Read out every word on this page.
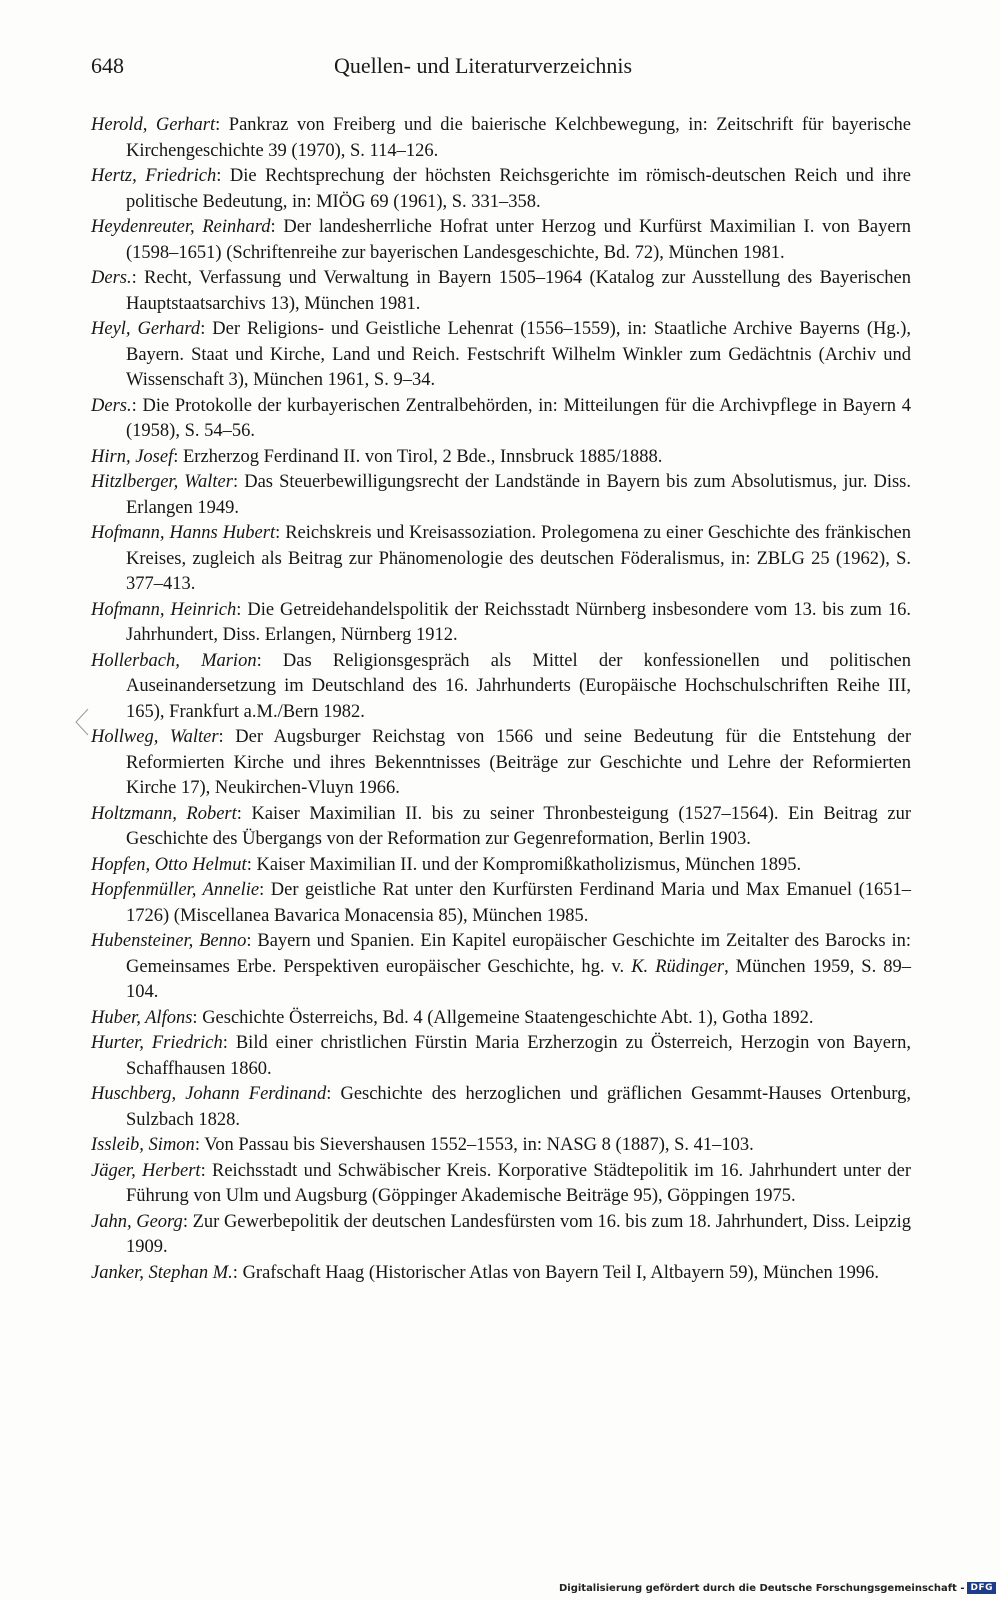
648	Quellen- und Literaturverzeichnis

Herold, Gerhart: Pankraz von Freiberg und die baierische Kelchbewegung, in: Zeitschrift für bayerische Kirchengeschichte 39 (1970), S. 114–126.

Hertz, Friedrich: Die Rechtsprechung der höchsten Reichsgerichte im römisch-deutschen Reich und ihre politische Bedeutung, in: MIÖG 69 (1961), S. 331–358.

Heydenreuter, Reinhard: Der landesherrliche Hofrat unter Herzog und Kurfürst Maximilian I. von Bayern (1598–1651) (Schriftenreihe zur bayerischen Landesgeschichte, Bd. 72), München 1981.

Ders.: Recht, Verfassung und Verwaltung in Bayern 1505–1964 (Katalog zur Ausstellung des Bayerischen Hauptstaatsarchivs 13), München 1981.

Heyl, Gerhard: Der Religions- und Geistliche Lehenrat (1556–1559), in: Staatliche Archive Bayerns (Hg.), Bayern. Staat und Kirche, Land und Reich. Festschrift Wilhelm Winkler zum Gedächtnis (Archiv und Wissenschaft 3), München 1961, S. 9–34.

Ders.: Die Protokolle der kurbayerischen Zentralbehörden, in: Mitteilungen für die Archivpflege in Bayern 4 (1958), S. 54–56.

Hirn, Josef: Erzherzog Ferdinand II. von Tirol, 2 Bde., Innsbruck 1885/1888.

Hitzlberger, Walter: Das Steuerbewilligungsrecht der Landstände in Bayern bis zum Absolutismus, jur. Diss. Erlangen 1949.

Hofmann, Hanns Hubert: Reichskreis und Kreisassoziation. Prolegomena zu einer Geschichte des fränkischen Kreises, zugleich als Beitrag zur Phänomenologie des deutschen Föderalismus, in: ZBLG 25 (1962), S. 377–413.

Hofmann, Heinrich: Die Getreidehandelspolitik der Reichsstadt Nürnberg insbesondere vom 13. bis zum 16. Jahrhundert, Diss. Erlangen, Nürnberg 1912.

Hollerbach, Marion: Das Religionsgespräch als Mittel der konfessionellen und politischen Auseinandersetzung im Deutschland des 16. Jahrhunderts (Europäische Hochschulschriften Reihe III, 165), Frankfurt a.M./Bern 1982.

Hollweg, Walter: Der Augsburger Reichstag von 1566 und seine Bedeutung für die Entstehung der Reformierten Kirche und ihres Bekenntnisses (Beiträge zur Geschichte und Lehre der Reformierten Kirche 17), Neukirchen-Vluyn 1966.

Holtzmann, Robert: Kaiser Maximilian II. bis zu seiner Thronbesteigung (1527–1564). Ein Beitrag zur Geschichte des Übergangs von der Reformation zur Gegenreformation, Berlin 1903.

Hopfen, Otto Helmut: Kaiser Maximilian II. und der Kompromißkatholizismus, München 1895.

Hopfenmüller, Annelie: Der geistliche Rat unter den Kurfürsten Ferdinand Maria und Max Emanuel (1651–1726) (Miscellanea Bavarica Monacensia 85), München 1985.

Hubensteiner, Benno: Bayern und Spanien. Ein Kapitel europäischer Geschichte im Zeitalter des Barocks in: Gemeinsames Erbe. Perspektiven europäischer Geschichte, hg. v. K. Rüdinger, München 1959, S. 89–104.

Huber, Alfons: Geschichte Österreichs, Bd. 4 (Allgemeine Staatengeschichte Abt. 1), Gotha 1892.

Hurter, Friedrich: Bild einer christlichen Fürstin Maria Erzherzogin zu Österreich, Herzogin von Bayern, Schaffhausen 1860.

Huschberg, Johann Ferdinand: Geschichte des herzoglichen und gräflichen Gesammt-Hauses Ortenburg, Sulzbach 1828.

Issleib, Simon: Von Passau bis Sievershausen 1552–1553, in: NASG 8 (1887), S. 41–103.

Jäger, Herbert: Reichsstadt und Schwäbischer Kreis. Korporative Städtepolitik im 16. Jahrhundert unter der Führung von Ulm und Augsburg (Göppinger Akademische Beiträge 95), Göppingen 1975.

Jahn, Georg: Zur Gewerbepolitik der deutschen Landesfürsten vom 16. bis zum 18. Jahrhundert, Diss. Leipzig 1909.

Janker, Stephan M.: Grafschaft Haag (Historischer Atlas von Bayern Teil I, Altbayern 59), München 1996.

Digitalisierung gefördert durch die Deutsche Forschungsgemeinschaft - DFG
